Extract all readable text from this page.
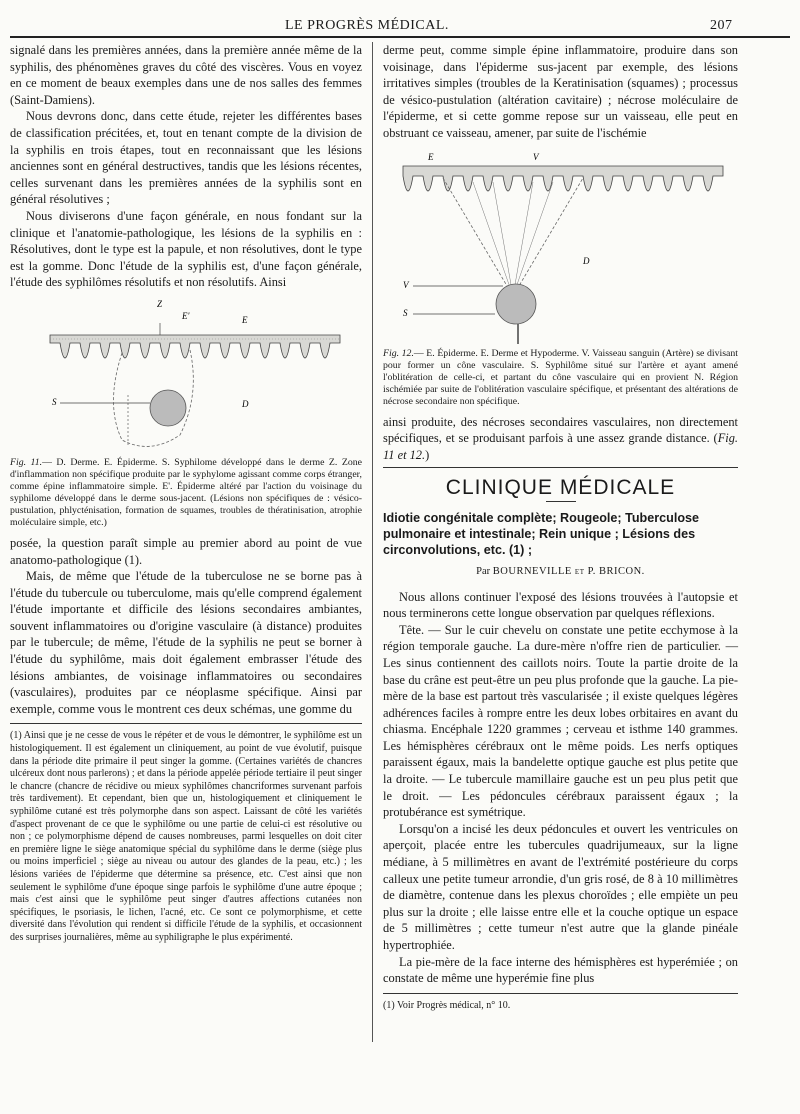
LE PROGRÈS MÉDICAL.	207

signalé dans les premières années, dans la première année même de la syphilis, des phénomènes graves du côté des viscères. Vous en voyez en ce moment de beaux exemples dans une de nos salles des femmes (Saint-Damiens).

Nous devrons donc, dans cette étude, rejeter les différentes bases de classification précitées, et, tout en tenant compte de la division de la syphilis en trois étapes, tout en reconnaissant que les lésions anciennes sont en général destructives, tandis que les lésions récentes, celles survenant dans les premières années de la syphilis sont en général résolutives ;

Nous diviserons d'une façon générale, en nous fondant sur la clinique et l'anatomie-pathologique, les lésions de la syphilis en : Résolutives, dont le type est la papule, et non résolutives, dont le type est la gomme. Donc l'étude de la syphilis est, d'une façon générale, l'étude des syphilômes résolutifs et non résolutifs. Ainsi

Z
E'	E
S	D
Fig. 11.— D. Derme. E. Épiderme. S. Syphilome développé dans le derme Z. Zone d'inflammation non spécifique produite par le syphylome agissant comme corps étranger, comme épine inflammatoire simple. E'. Épiderme altéré par l'action du voisinage du syphilome développé dans le derme sous-jacent. (Lésions non spécifiques de : vésico-pustulation, phlycténisation, formation de squames, troubles de thératinisation, atrophie moléculaire simple, etc.)

posée, la question paraît simple au premier abord au point de vue anatomo-pathologique (1).

Mais, de même que l'étude de la tuberculose ne se borne pas à l'étude du tubercule ou tuberculome, mais qu'elle comprend également l'étude importante et difficile des lésions secondaires ambiantes, souvent inflammatoires ou d'origine vasculaire (à distance) produites par le tubercule; de même, l'étude de la syphilis ne peut se borner à l'étude du syphilôme, mais doit également embrasser l'étude des lésions ambiantes, de voisinage inflammatoires ou secondaires (vasculaires), produites par ce néoplasme spécifique. Ainsi par exemple, comme vous le montrent ces deux schémas, une gomme du

(1) Ainsi que je ne cesse de vous le répéter et de vous le démontrer, le syphilôme est un histologiquement. Il est également un cliniquement, au point de vue évolutif, puisque dans la période dite primaire il peut singer la gomme. (Certaines variétés de chancres ulcéreux dont nous parlerons) ; et dans la période appelée période tertiaire il peut singer le chancre (chancre de récidive ou mieux syphilômes chancriformes survenant parfois très tardivement). Et cependant, bien que un, histologiquement et cliniquement le syphilôme cutané est très polymorphe dans son aspect. Laissant de côté les variétés d'aspect provenant de ce que le syphilôme ou une partie de celui-ci est résolutive ou non ; ce polymorphisme dépend de causes nombreuses, parmi lesquelles on doit citer en première ligne le siège anatomique spécial du syphilôme dans le derme (siège plus ou moins imperficiel ; siège au niveau ou autour des glandes de la peau, etc.) ; les lésions variées de l'épiderme que détermine sa présence, etc. C'est ainsi que non seulement le syphilôme d'une époque singe parfois le syphilôme d'une autre époque ; mais c'est ainsi que le syphilôme peut singer d'autres affections cutanées non spécifiques, le psoriasis, le lichen, l'acné, etc. Ce sont ce polymorphisme, et cette diversité dans l'évolution qui rendent si difficile l'étude de la syphilis, et occasionnent des surprises journalières, même au syphiligraphe le plus expérimenté.

derme peut, comme simple épine inflammatoire, produire dans son voisinage, dans l'épiderme sus-jacent par exemple, des lésions irritatives simples (troubles de la Keratinisation (squames) ; processus de vésico-pustulation (altération cavitaire) ; nécrose moléculaire de l'épiderme, et si cette gomme repose sur un vaisseau, elle peut en obstruant ce vaisseau, amener, par suite de l'ischémie

E	V
D
V
S
Fig. 12.— E. Épiderme. E. Derme et Hypoderme. V. Vaisseau sanguin (Artère) se divisant pour former un cône vasculaire. S. Syphilôme situé sur l'artère et ayant amené l'oblitération de celle-ci, et partant du cône vasculaire qui en provient N. Région ischémiée par suite de l'oblitération vasculaire spécifique, et présentant des altérations de nécrose secondaire non spécifique.

ainsi produite, des nécroses secondaires vasculaires, non directement spécifiques, et se produisant parfois à une assez grande distance. (Fig. 11 et 12.)

CLINIQUE MÉDICALE
Idiotie congénitale complète; Rougeole; Tuberculose pulmonaire et intestinale; Rein unique ; Lésions des circonvolutions, etc. (1) ;
Par BOURNEVILLE et P. BRICON.

Nous allons continuer l'exposé des lésions trouvées à l'autopsie et nous terminerons cette longue observation par quelques réflexions.

Tête. — Sur le cuir chevelu on constate une petite ecchymose à la région temporale gauche. La dure-mère n'offre rien de particulier. — Les sinus contiennent des caillots noirs. Toute la partie droite de la base du crâne est peut-être un peu plus profonde que la gauche. La pie-mère de la base est partout très vascularisée ; il existe quelques légères adhérences faciles à rompre entre les deux lobes orbitaires en avant du chiasma. Encéphale 1220 grammes ; cerveau et isthme 140 grammes. Les hémisphères cérébraux ont le même poids. Les nerfs optiques paraissent égaux, mais la bandelette optique gauche est plus petite que la droite. — Le tubercule mamillaire gauche est un peu plus petit que le droit. — Les pédoncules cérébraux paraissent égaux ; la protubérance est symétrique.

Lorsqu'on a incisé les deux pédoncules et ouvert les ventricules on aperçoit, placée entre les tubercules quadrijumeaux, sur la ligne médiane, à 5 millimètres en avant de l'extrémité postérieure du corps calleux une petite tumeur arrondie, d'un gris rosé, de 8 à 10 millimètres de diamètre, contenue dans les plexus choroïdes ; elle empiète un peu plus sur la droite ; elle laisse entre elle et la couche optique un espace de 5 millimètres ; cette tumeur n'est autre que la glande pinéale hypertrophiée.

La pie-mère de la face interne des hémisphères est hyperémiée ; on constate de même une hyperémie fine plus

(1) Voir Progrès médical, n° 10.
